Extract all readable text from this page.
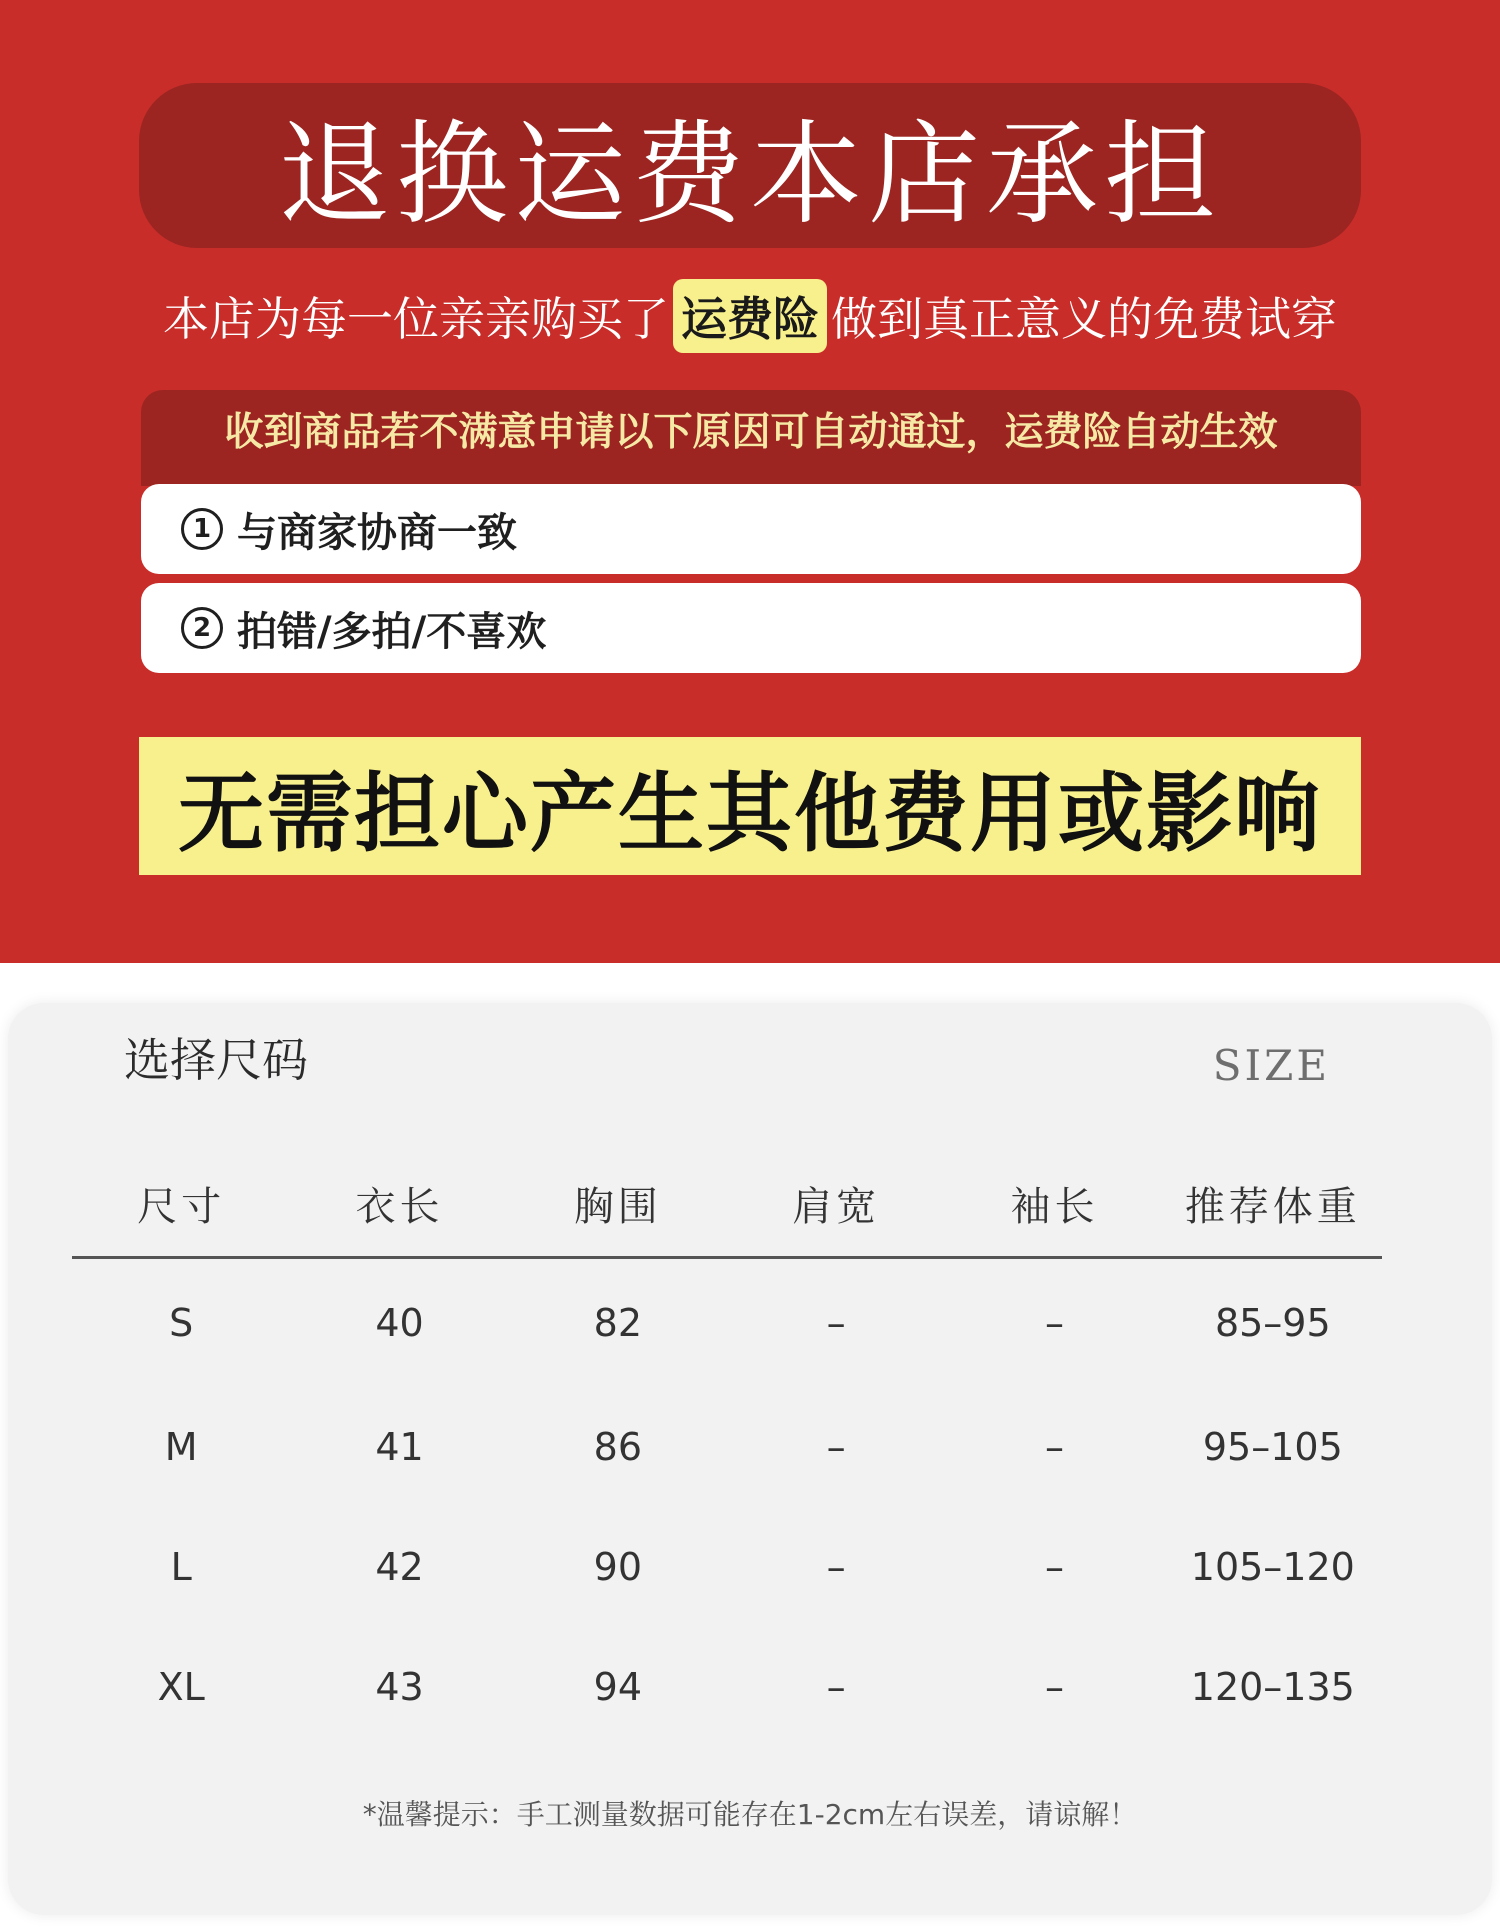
退换运费本店承担
本店为每一位亲亲购买了 运费险 做到真正意义的免费试穿
收到商品若不满意申请以下原因可自动通过，运费险自动生效
1 与商家协商一致
2 拍错/多拍/不喜欢
无需担心产生其他费用或影响
选择尺码	SIZE
尺寸	衣长	胸围	肩宽	袖长	推荐体重
S	40	82	–	–	85–95
M	41	86	–	–	95–105
L	42	90	–	–	105–120
XL	43	94	–	–	120–135
*温馨提示：手工测量数据可能存在1-2cm左右误差，请谅解！
